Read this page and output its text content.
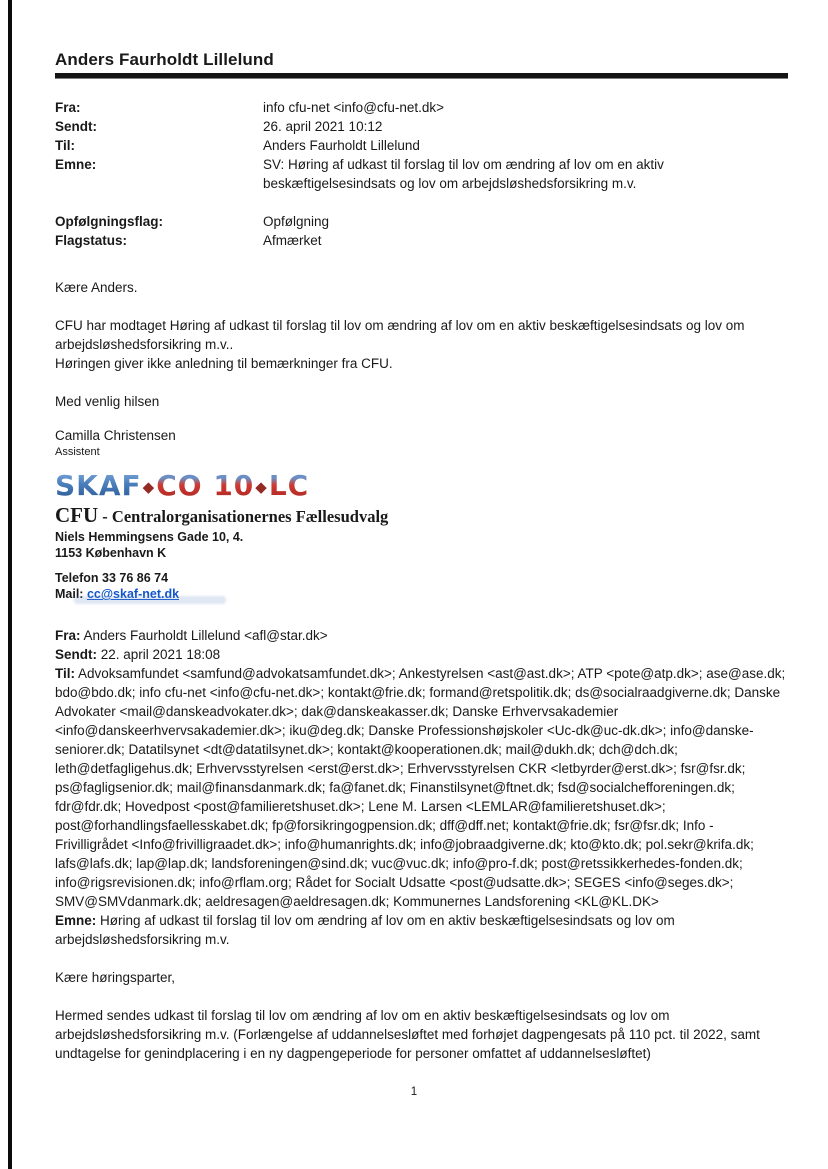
Anders Faurholdt Lillelund
Fra:	info cfu-net <info@cfu-net.dk>
Sendt:	26. april 2021 10:12
Til:	Anders Faurholdt Lillelund
Emne:	SV: Høring af udkast til forslag til lov om ændring af lov om en aktiv beskæftigelsesindsats og lov om arbejdsløshedsforsikring m.v.
Opfølgningsflag:	Opfølgning
Flagstatus:	Afmærket

Kære Anders.

CFU har modtaget Høring af udkast til forslag til lov om ændring af lov om en aktiv beskæftigelsesindsats og lov om arbejdsløshedsforsikring m.v..

Høringen giver ikke anledning til bemærkninger fra CFU.

Med venlig hilsen

Camilla Christensen

Assistent

SKAF◆CO 10◆LC
CFU - Centralorganisationernes Fællesudvalg
Niels Hemmingsens Gade 10, 4.
1153 København K
Telefon 33 76 86 74
Mail: cc@skaf-net.dk

Fra: Anders Faurholdt Lillelund <afl@star.dk>

Sendt: 22. april 2021 18:08

Til: Advoksamfundet <samfund@advokatsamfundet.dk>; Ankestyrelsen <ast@ast.dk>; ATP <pote@atp.dk>; ase@ase.dk; bdo@bdo.dk; info cfu-net <info@cfu-net.dk>; kontakt@frie.dk; formand@retspolitik.dk; ds@socialraadgiverne.dk; Danske Advokater <mail@danskeadvokater.dk>; dak@danskeakasser.dk; Danske Erhvervsakademier <info@danskeerhvervsakademier.dk>; iku@deg.dk; Danske Professionshøjskoler <Uc-dk@uc-dk.dk>; info@danske-seniorer.dk; Datatilsynet <dt@datatilsynet.dk>; kontakt@kooperationen.dk; mail@dukh.dk; dch@dch.dk; leth@detfagligehus.dk; Erhvervsstyrelsen <erst@erst.dk>; Erhvervsstyrelsen CKR <letbyrder@erst.dk>; fsr@fsr.dk; ps@fagligsenior.dk; mail@finansdanmark.dk; fa@fanet.dk; Finanstilsynet@ftnet.dk; fsd@socialchefforeningen.dk; fdr@fdr.dk; Hovedpost <post@familieretshuset.dk>; Lene M. Larsen <LEMLAR@familieretshuset.dk>; post@forhandlingsfaellesskabet.dk; fp@forsikringogpension.dk; dff@dff.net; kontakt@frie.dk; fsr@fsr.dk; Info - Frivilligrådet <Info@frivilligraadet.dk>; info@humanrights.dk; info@jobraadgiverne.dk; kto@kto.dk; pol.sekr@krifa.dk; lafs@lafs.dk; lap@lap.dk; landsforeningen@sind.dk; vuc@vuc.dk; info@pro-f.dk; post@retssikkerhedes-fonden.dk; info@rigsrevisionen.dk; info@rflam.org; Rådet for Socialt Udsatte <post@udsatte.dk>; SEGES <info@seges.dk>; SMV@SMVdanmark.dk; aeldresagen@aeldresagen.dk; Kommunernes Landsforening <KL@KL.DK>

Emne: Høring af udkast til forslag til lov om ændring af lov om en aktiv beskæftigelsesindsats og lov om arbejdsløshedsforsikring m.v.

Kære høringsparter,

Hermed sendes udkast til forslag til lov om ændring af lov om en aktiv beskæftigelsesindsats og lov om arbejdsløshedsforsikring m.v. (Forlængelse af uddannelsesløftet med forhøjet dagpengesats på 110 pct. til 2022, samt undtagelse for genindplacering i en ny dagpengeperiode for personer omfattet af uddannelsesløftet)

1
